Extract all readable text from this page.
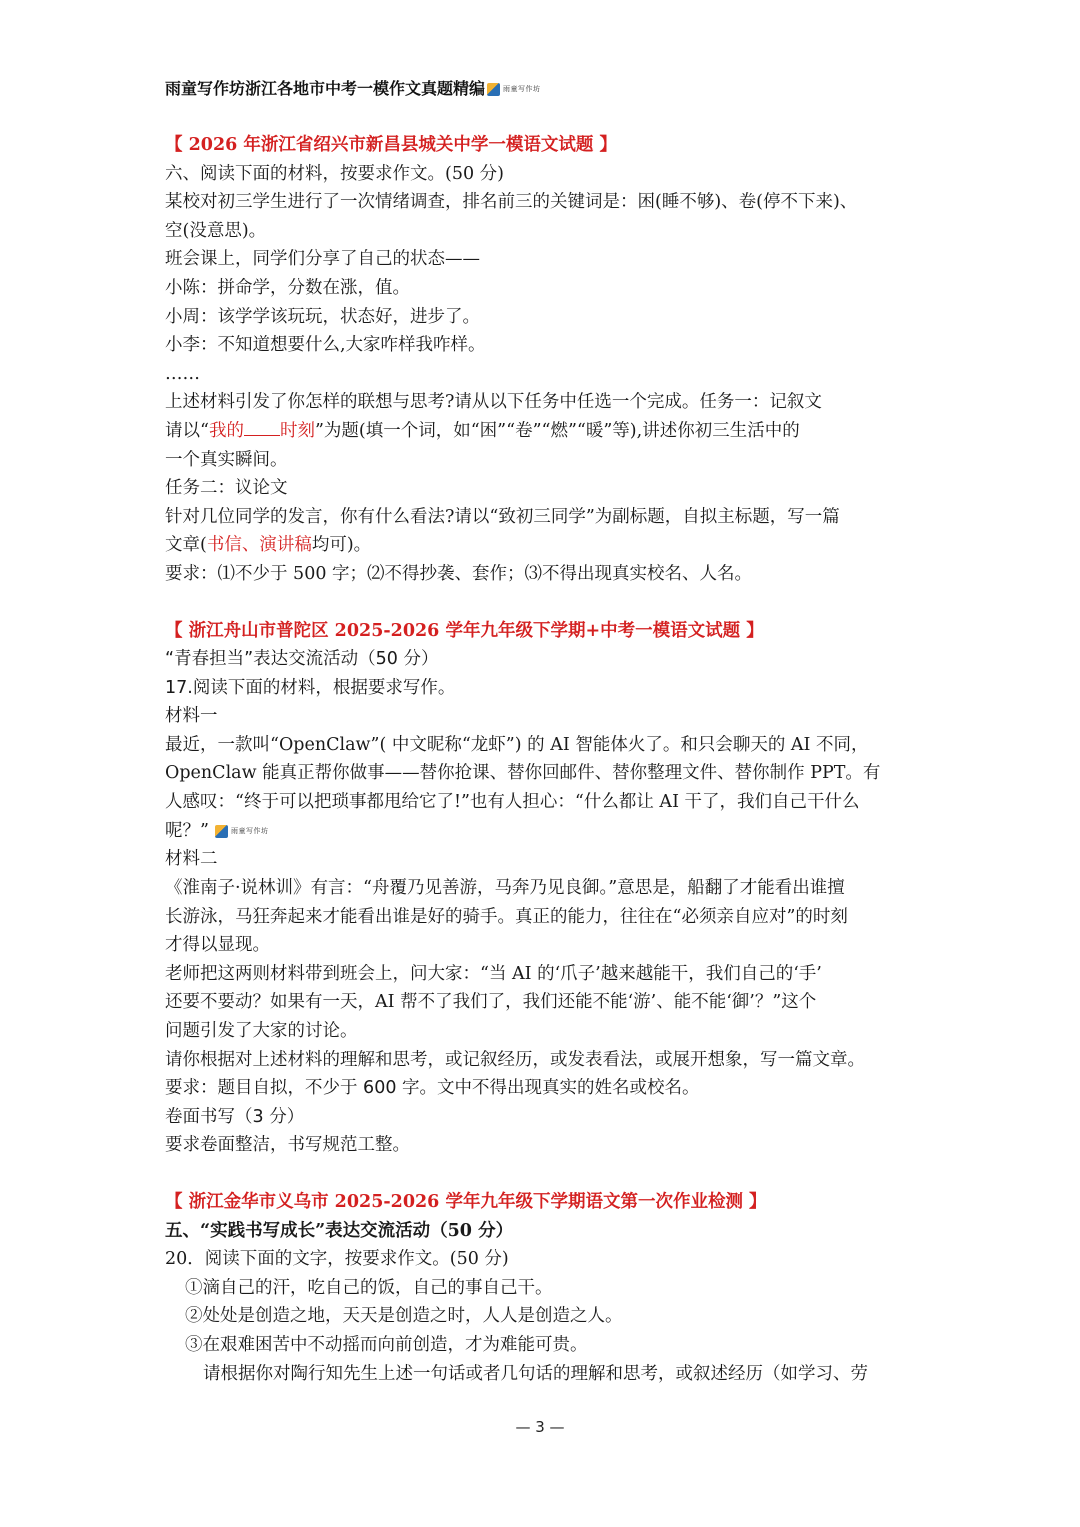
雨童写作坊浙江各地市中考一模作文真题精编	雨童写作坊

【 2026 年浙江省绍兴市新昌县城关中学一模语文试题 】

六、阅读下面的材料，按要求作文。(50 分)

某校对初三学生进行了一次情绪调查，排名前三的关键词是：困(睡不够)、卷(停不下来)、

空(没意思)。

班会课上，同学们分享了自己的状态——

小陈：拼命学，分数在涨，值。

小周：该学学该玩玩，状态好，进步了。

小李：不知道想要什么,大家咋样我咋样。

……

上述材料引发了你怎样的联想与思考?请从以下任务中任选一个完成。任务一：记叙文

请以“我的 时刻”为题(填一个词，如“困”“卷”“燃”“暖”等),讲述你初三生活中的

一个真实瞬间。

任务二：议论文

针对几位同学的发言，你有什么看法?请以“致初三同学”为副标题，自拟主标题，写一篇

文章(书信、演讲稿均可)。

要求：⑴不少于 500 字；⑵不得抄袭、套作；⑶不得出现真实校名、人名。

【 浙江舟山市普陀区 2025-2026 学年九年级下学期+中考一模语文试题 】

“青春担当”表达交流活动（50 分）

17.阅读下面的材料，根据要求写作。

材料一

最近，一款叫“OpenClaw”( 中文昵称“龙虾”) 的 AI 智能体火了。和只会聊天的 AI 不同，

OpenClaw 能真正帮你做事——替你抢课、替你回邮件、替你整理文件、替你制作 PPT。有

人感叹：“终于可以把琐事都甩给它了!”也有人担心：“什么都让 AI 干了，我们自己干什么

呢？”	雨童写作坊

材料二

《淮南子·说林训》有言：“舟覆乃见善游，马奔乃见良御。”意思是，船翻了才能看出谁擅

长游泳，马狂奔起来才能看出谁是好的骑手。真正的能力，往往在“必须亲自应对”的时刻

才得以显现。

老师把这两则材料带到班会上，问大家：“当 AI 的‘爪子’越来越能干，我们自己的‘手’

还要不要动？如果有一天，AI 帮不了我们了，我们还能不能‘游’、能不能‘御’？”这个

问题引发了大家的讨论。

请你根据对上述材料的理解和思考，或记叙经历，或发表看法，或展开想象，写一篇文章。

要求：题目自拟，不少于 600 字。文中不得出现真实的姓名或校名。

卷面书写（3 分）

要求卷面整洁，书写规范工整。

【 浙江金华市义乌市 2025-2026 学年九年级下学期语文第一次作业检测 】

五、“实践书写成长”表达交流活动（50 分）

20．阅读下面的文字，按要求作文。(50 分)

①滴自己的汗，吃自己的饭，自己的事自己干。

②处处是创造之地，天天是创造之时，人人是创造之人。

③在艰难困苦中不动摇而向前创造，才为难能可贵。

请根据你对陶行知先生上述一句话或者几句话的理解和思考，或叙述经历（如学习、劳

— 3 —
